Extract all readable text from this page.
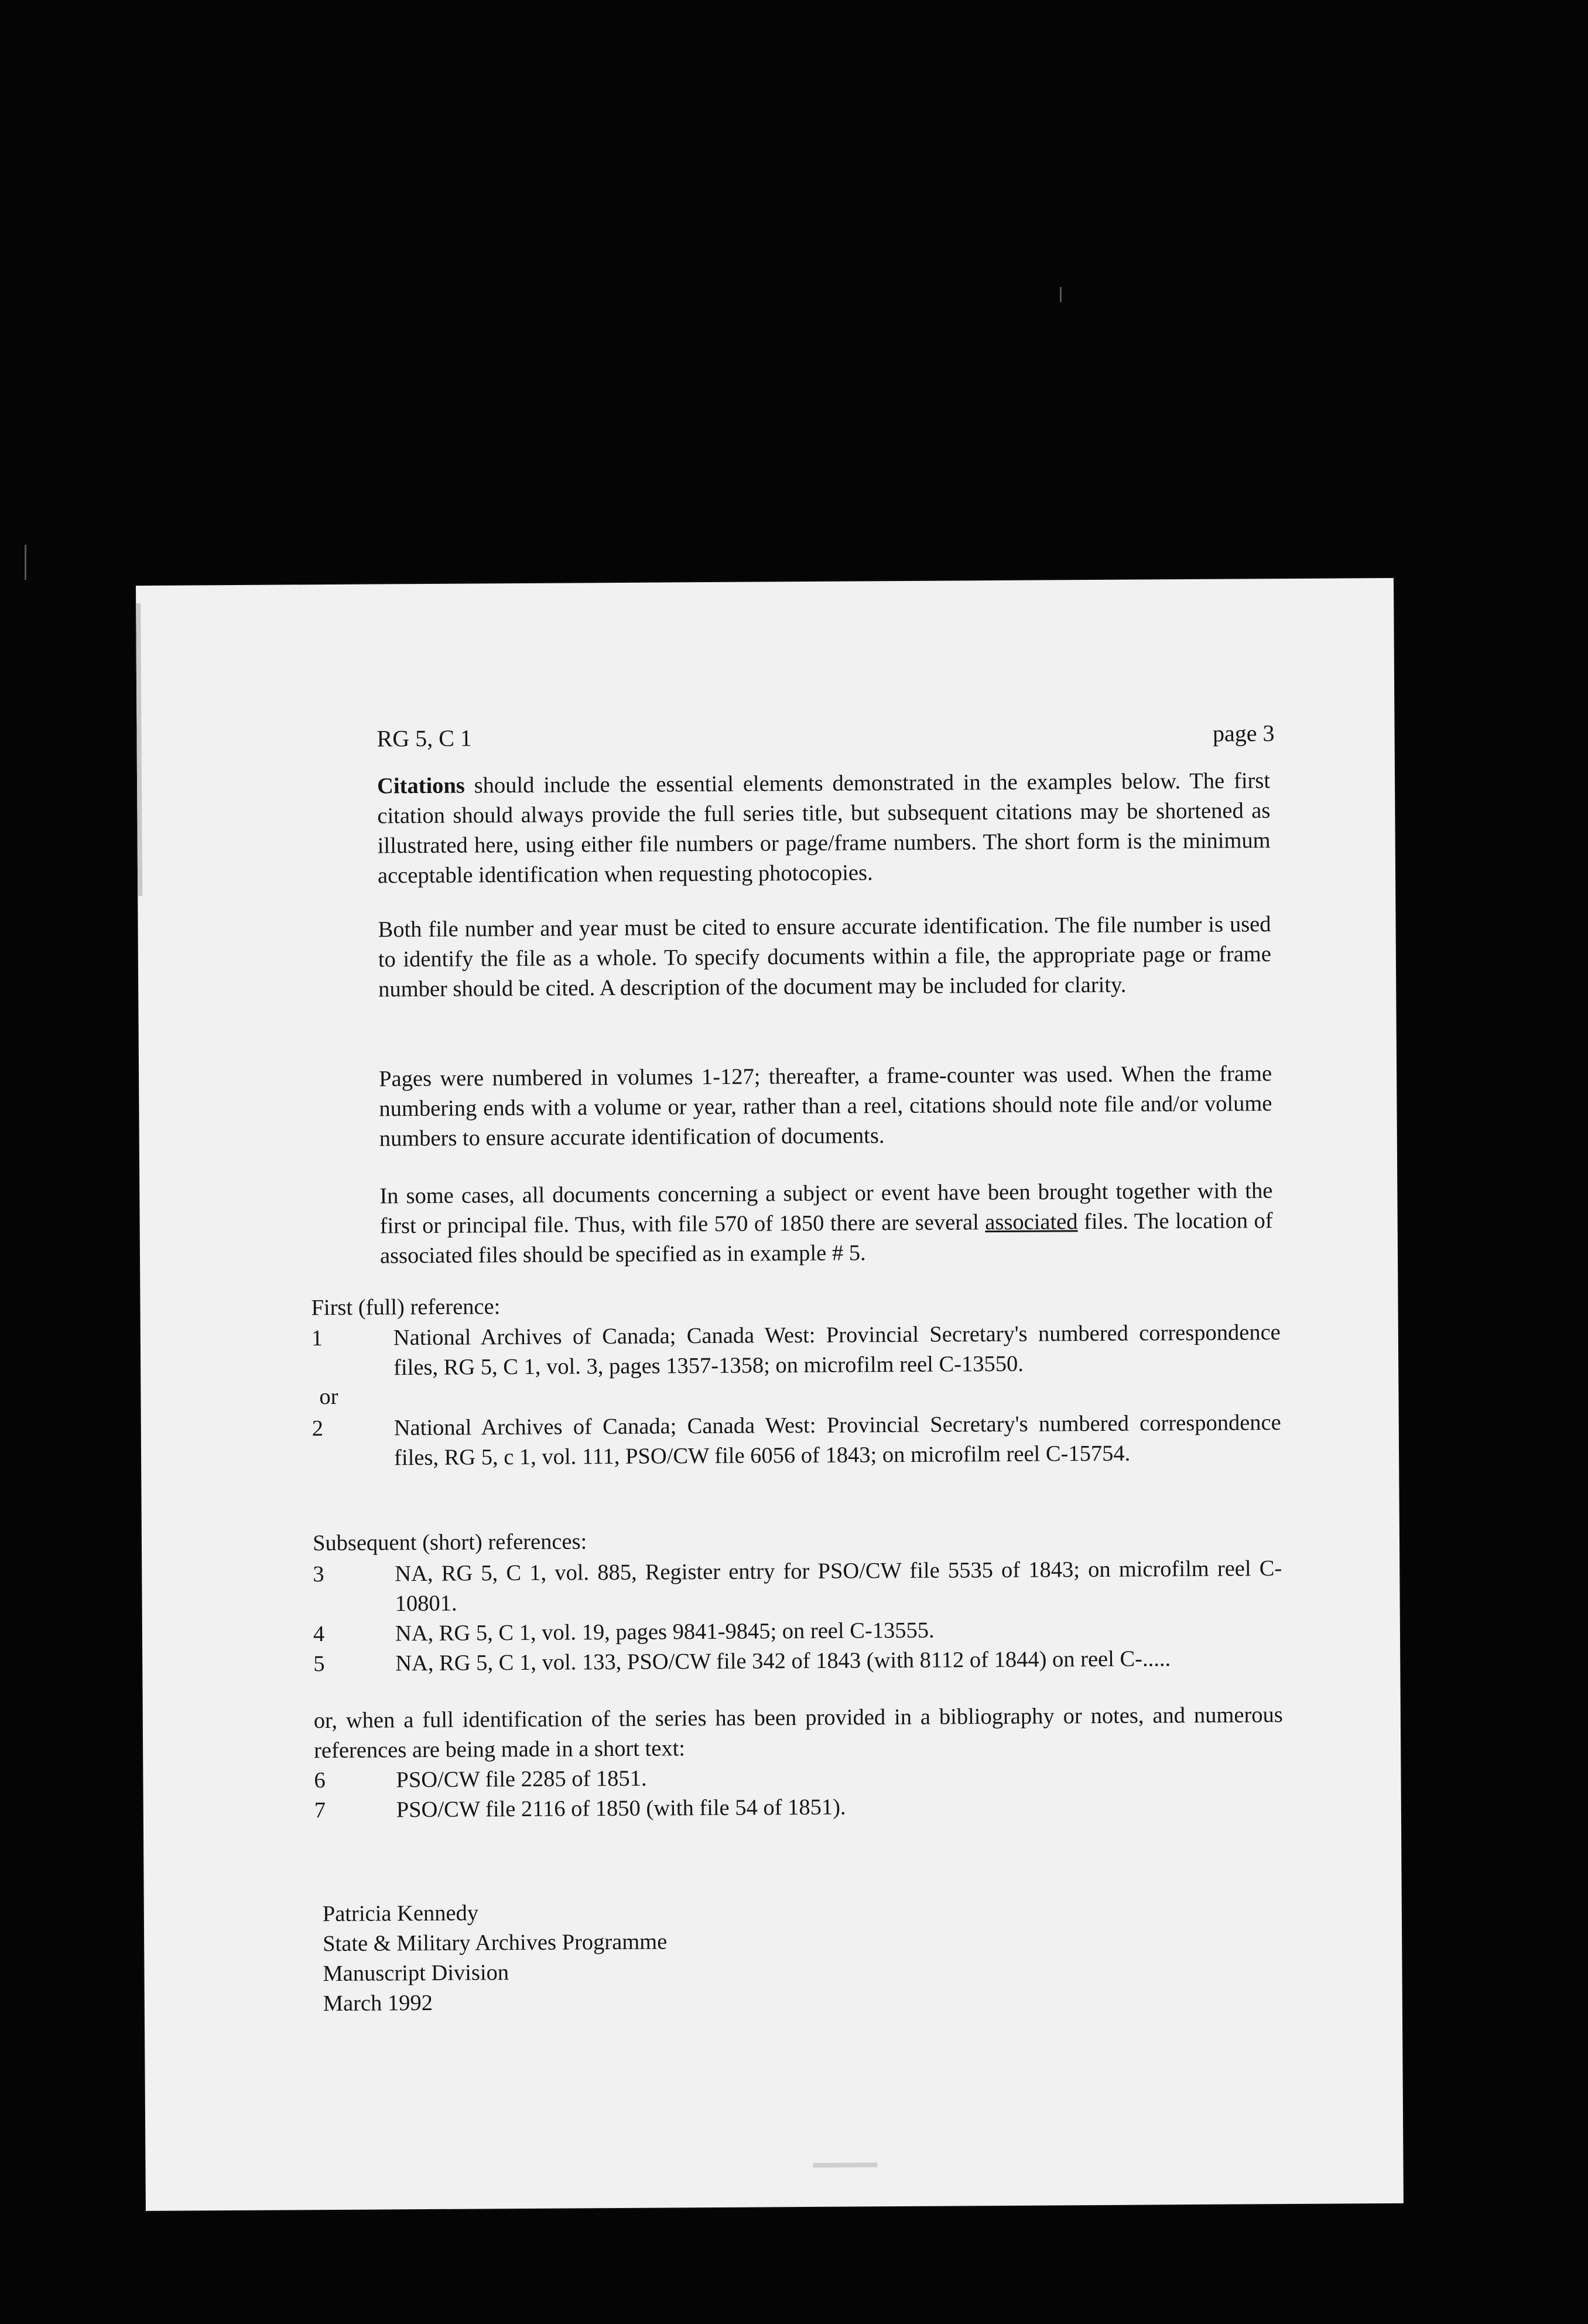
RG 5, C 1	page 3

Citations should include the essential elements demonstrated in the examples below. The first citation should always provide the full series title, but subsequent citations may be shortened as illustrated here, using either file numbers or page/frame numbers. The short form is the minimum acceptable identification when requesting photocopies.

Both file number and year must be cited to ensure accurate identification. The file number is used to identify the file as a whole. To specify documents within a file, the appropriate page or frame number should be cited. A description of the document may be included for clarity.

Pages were numbered in volumes 1-127; thereafter, a frame-counter was used. When the frame numbering ends with a volume or year, rather than a reel, citations should note file and/or volume numbers to ensure accurate identification of documents.

In some cases, all documents concerning a subject or event have been brought together with the first or principal file. Thus, with file 570 of 1850 there are several associated files. The location of associated files should be specified as in example # 5.

First (full) reference:
1	National Archives of Canada; Canada West: Provincial Secretary's numbered correspondence files, RG 5, C 1, vol. 3, pages 1357-1358; on microfilm reel C-13550.
or
2	National Archives of Canada; Canada West: Provincial Secretary's numbered correspondence files, RG 5, c 1, vol. 111, PSO/CW file 6056 of 1843; on microfilm reel C-15754.
Subsequent (short) references:
3	NA, RG 5, C 1, vol. 885, Register entry for PSO/CW file 5535 of 1843; on microfilm reel C-10801.
4	NA, RG 5, C 1, vol. 19, pages 9841-9845; on reel C-13555.
5	NA, RG 5, C 1, vol. 133, PSO/CW file 342 of 1843 (with 8112 of 1844) on reel C-.....

or, when a full identification of the series has been provided in a bibliography or notes, and numerous references are being made in a short text:

6	PSO/CW file 2285 of 1851.
7	PSO/CW file 2116 of 1850 (with file 54 of 1851).
Patricia Kennedy
State & Military Archives Programme
Manuscript Division
March 1992
